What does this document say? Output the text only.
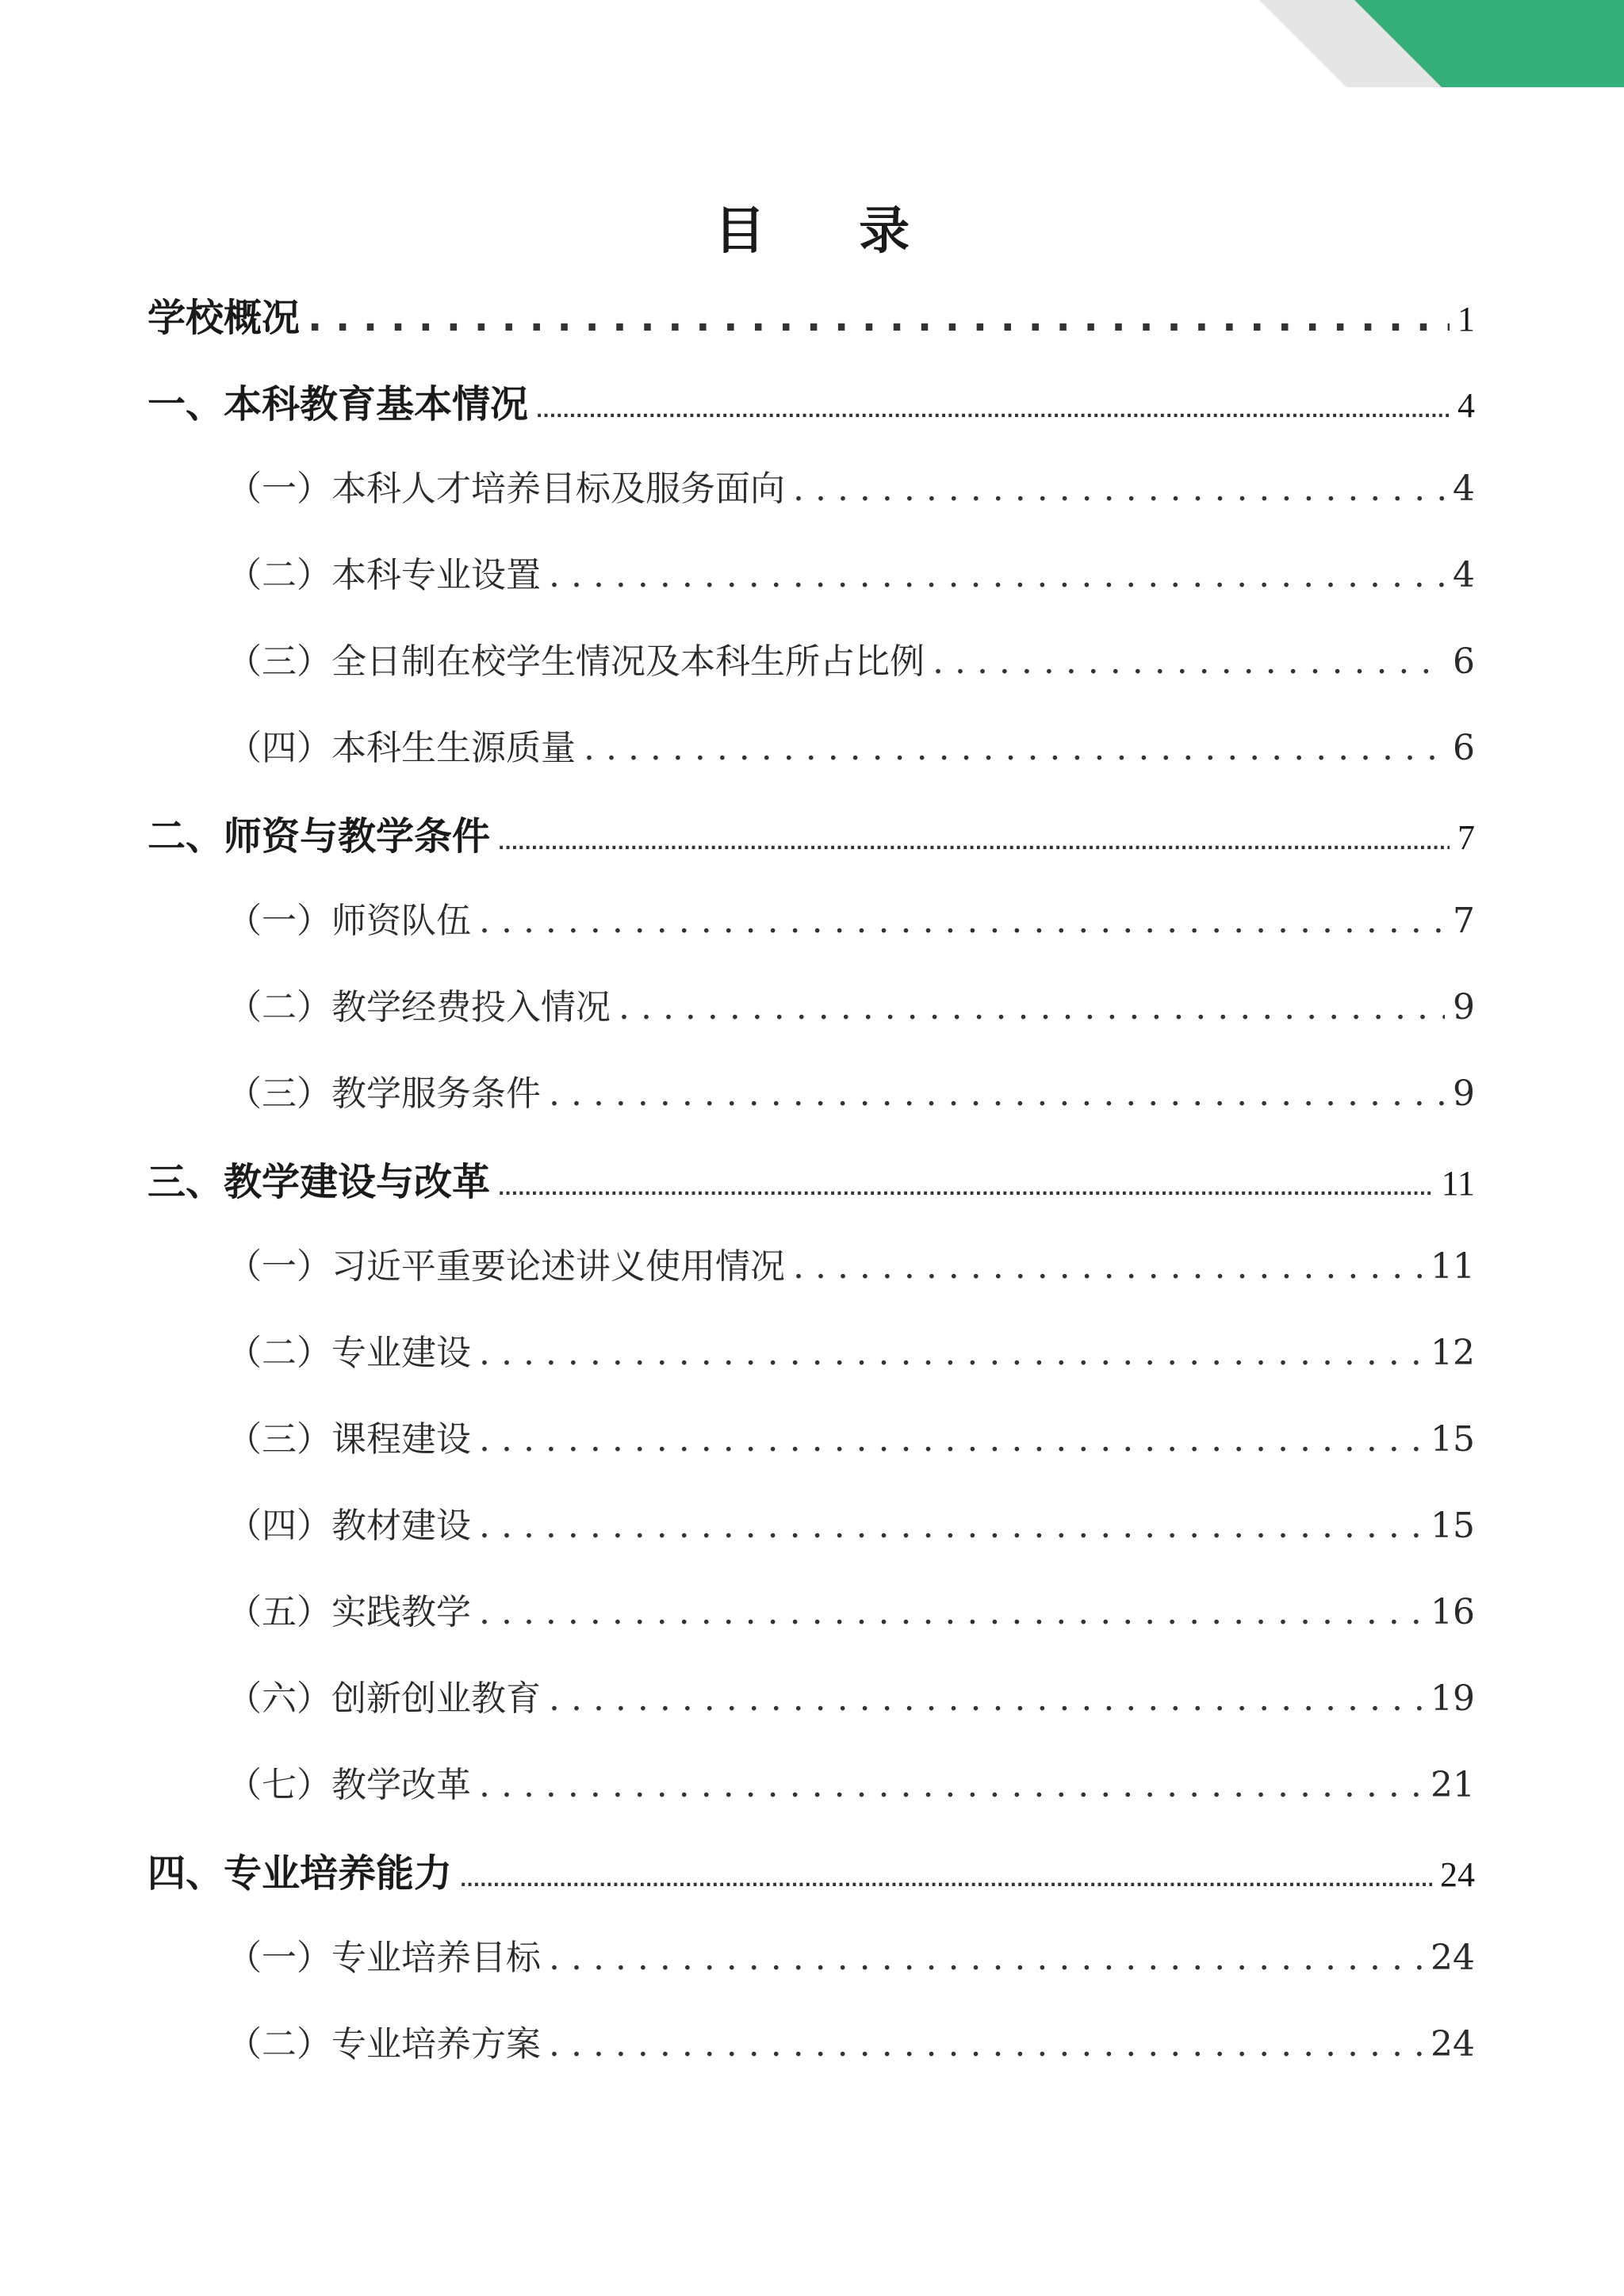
目 录
学校概况 . . .	1
一、本科教育基本情况 .....	4
（一）本科人才培养目标及服务面向 . . .	4
（二）本科专业设置 . . .	4
（三）全日制在校学生情况及本科生所占比例 . . .	6
（四）本科生生源质量 . . .	6
二、师资与教学条件 .....	7
（一）师资队伍 . . .	7
（二）教学经费投入情况 . . .	9
（三）教学服务条件 . . .	9
三、教学建设与改革 .....	11
（一）习近平重要论述讲义使用情况 . . .	11
（二）专业建设 . . .	12
（三）课程建设 . . .	15
（四）教材建设 . . .	15
（五）实践教学 . . .	16
（六）创新创业教育 . . .	19
（七）教学改革 . . .	21
四、专业培养能力 .....	24
（一）专业培养目标 . . .	24
（二）专业培养方案 . . .	24
